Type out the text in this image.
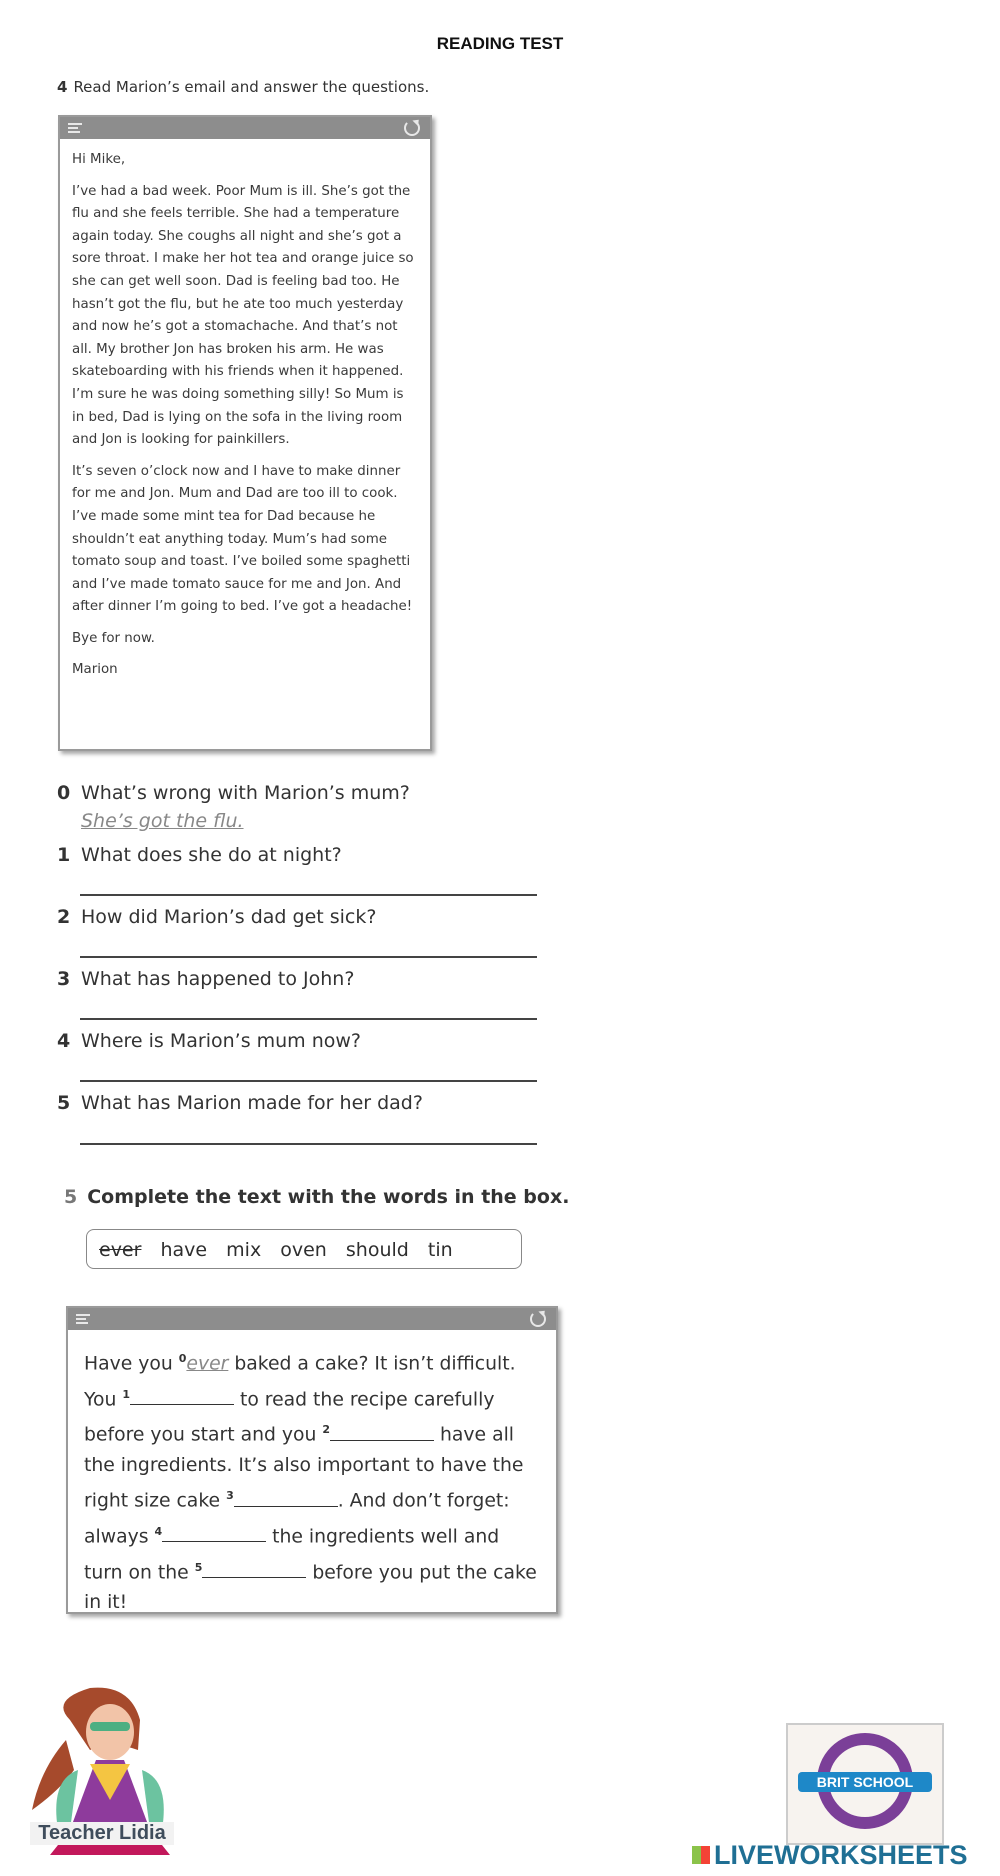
READING TEST
4 Read Marion’s email and answer the questions.

Hi Mike,

I’ve had a bad week. Poor Mum is ill. She’s got the flu and she feels terrible. She had a temperature again today. She coughs all night and she’s got a sore throat. I make her hot tea and orange juice so she can get well soon. Dad is feeling bad too. He hasn’t got the flu, but he ate too much yesterday and now he’s got a stomachache. And that’s not all. My brother Jon has broken his arm. He was skateboarding with his friends when it happened. I’m sure he was doing something silly! So Mum is in bed, Dad is lying on the sofa in the living room and Jon is looking for painkillers.

It’s seven o’clock now and I have to make dinner for me and Jon. Mum and Dad are too ill to cook. I’ve made some mint tea for Dad because he shouldn’t eat anything today. Mum’s had some tomato soup and toast. I’ve boiled some spaghetti and I’ve made tomato sauce for me and Jon. And after dinner I’m going to bed. I’ve got a headache!

Bye for now.

Marion

0 What’s wrong with Marion’s mum?
She’s got the flu.
1 What does she do at night?
2 How did Marion’s dad get sick?
3 What has happened to John?
4 Where is Marion’s mum now?
5 What has Marion made for her dad?
5 Complete the text with the words in the box.
ever have mix oven should tin
Have you $^0$ever baked a cake? It isn’t difficult.
You $^1$	to read the recipe carefully
before you start and you $^2$	have all
the ingredients. It’s also important to have the
right size cake $^3$	. And don’t forget:
always $^4$	the ingredients well and
turn on the $^5$	before you put the cake
in it!
Teacher Lidia
EFL TEACHER
BRIT SCHOOL
LIVEWORKSHEETS
